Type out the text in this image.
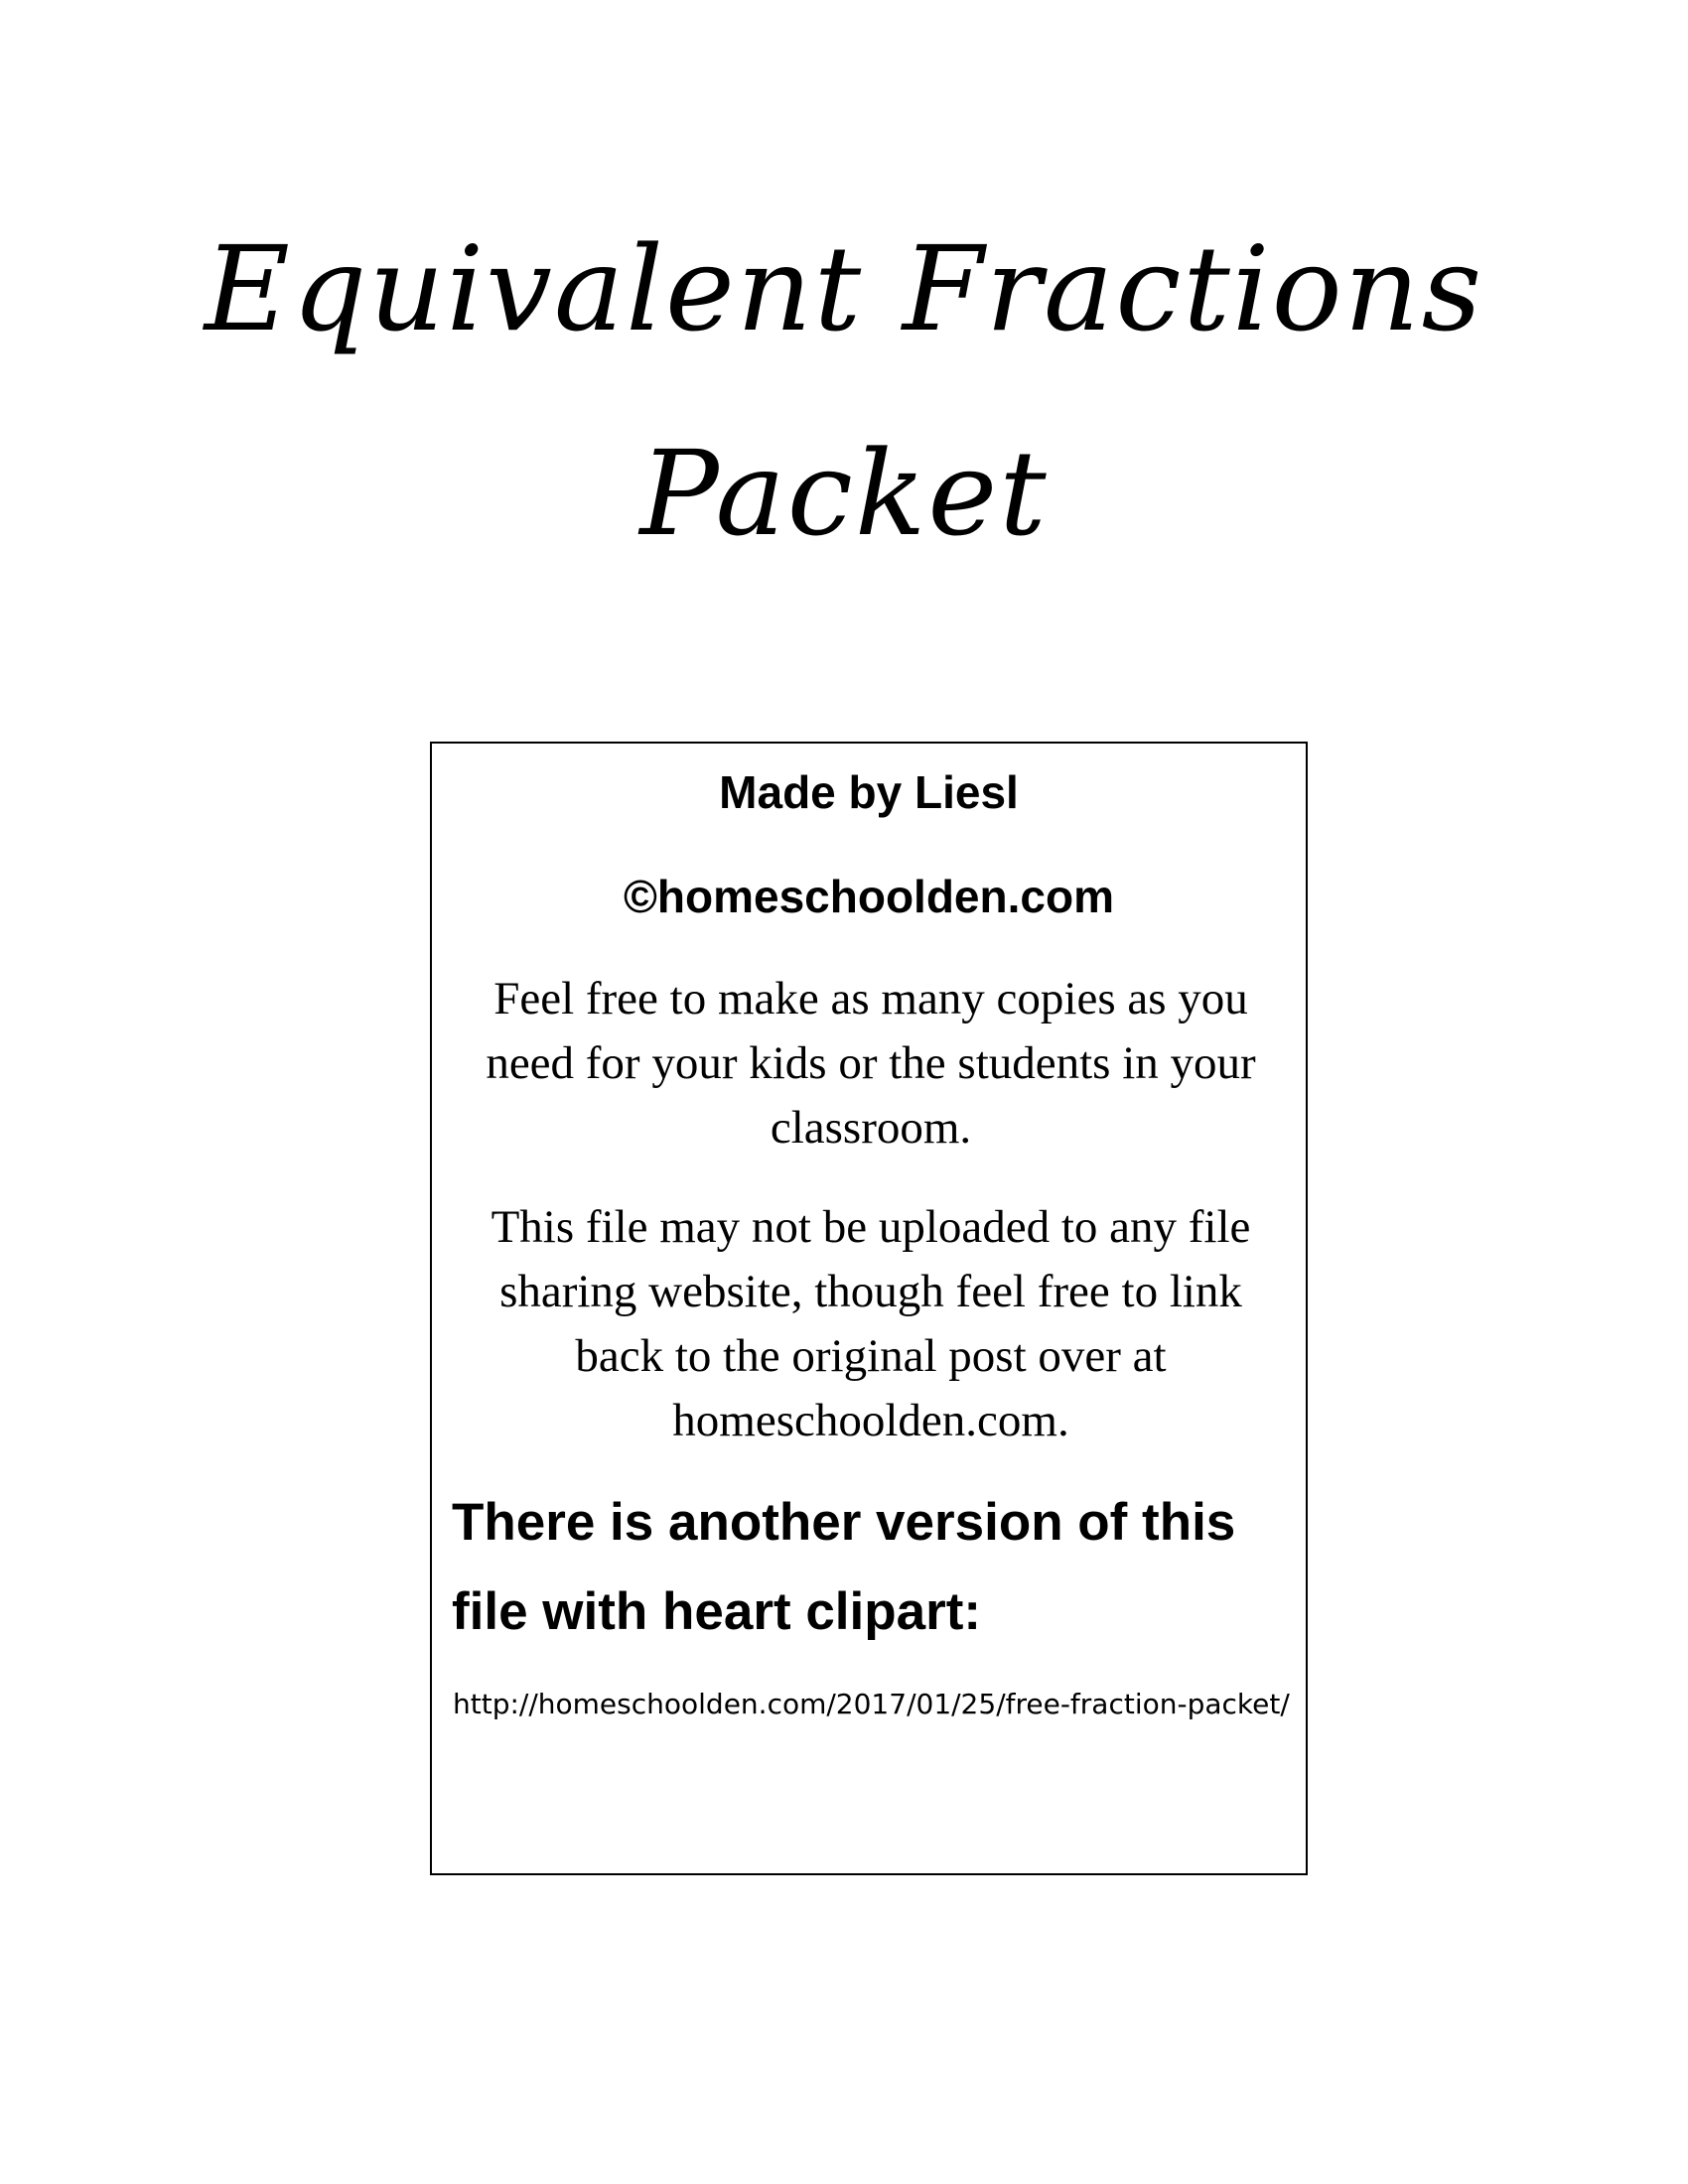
Equivalent Fractions
Packet
Made by Liesl
©homeschoolden.com
Feel free to make as many copies as you need for your kids or the students in your classroom.
This file may not be uploaded to any file sharing website, though feel free to link back to the original post over at homeschoolden.com.
There is another version of this file with heart clipart:
http://homeschoolden.com/2017/01/25/free-fraction-packet/
